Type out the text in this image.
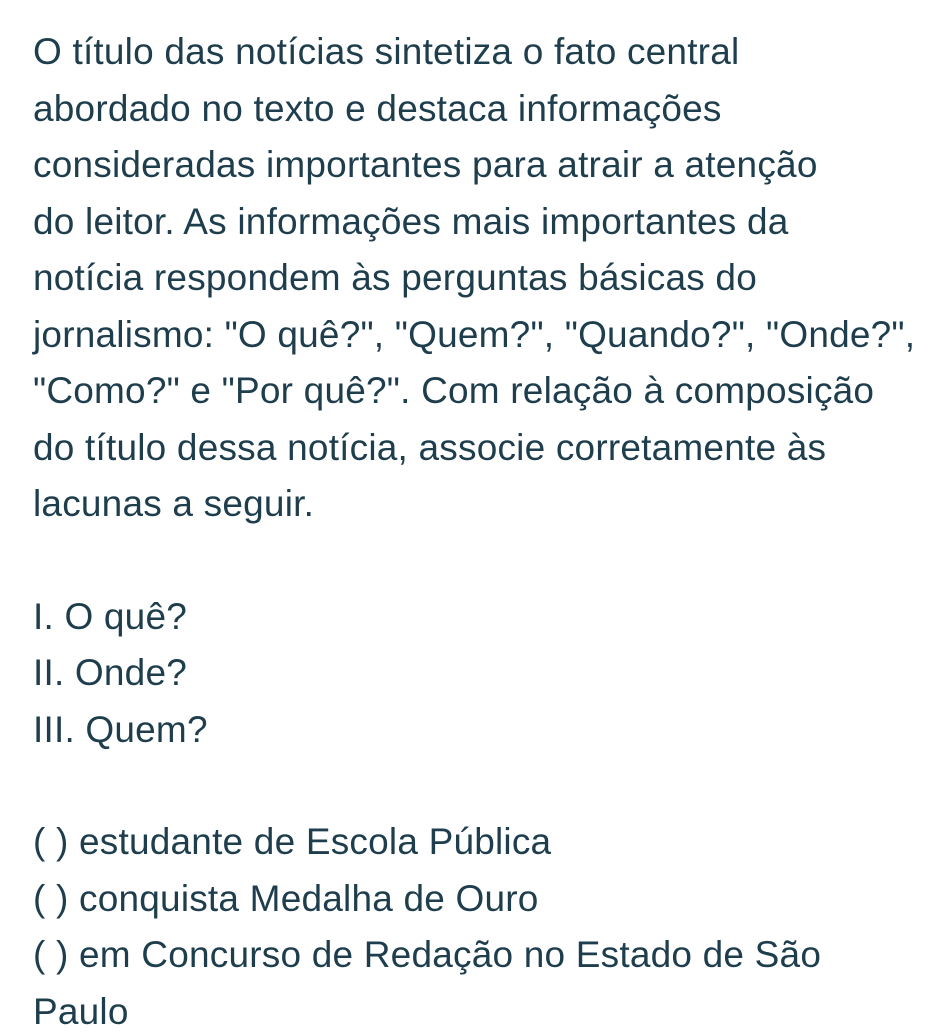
O título das notícias sintetiza o fato central
abordado no texto e destaca informações
consideradas importantes para atrair a atenção
do leitor. As informações mais importantes da
notícia respondem às perguntas básicas do
jornalismo: "O quê?", "Quem?", "Quando?", "Onde?",
"Como?" e "Por quê?". Com relação à composição
do título dessa notícia, associe corretamente às
lacunas a seguir.
I. O quê?
II. Onde?
III. Quem?
( ) estudante de Escola Pública
( ) conquista Medalha de Ouro
( ) em Concurso de Redação no Estado de São
Paulo
